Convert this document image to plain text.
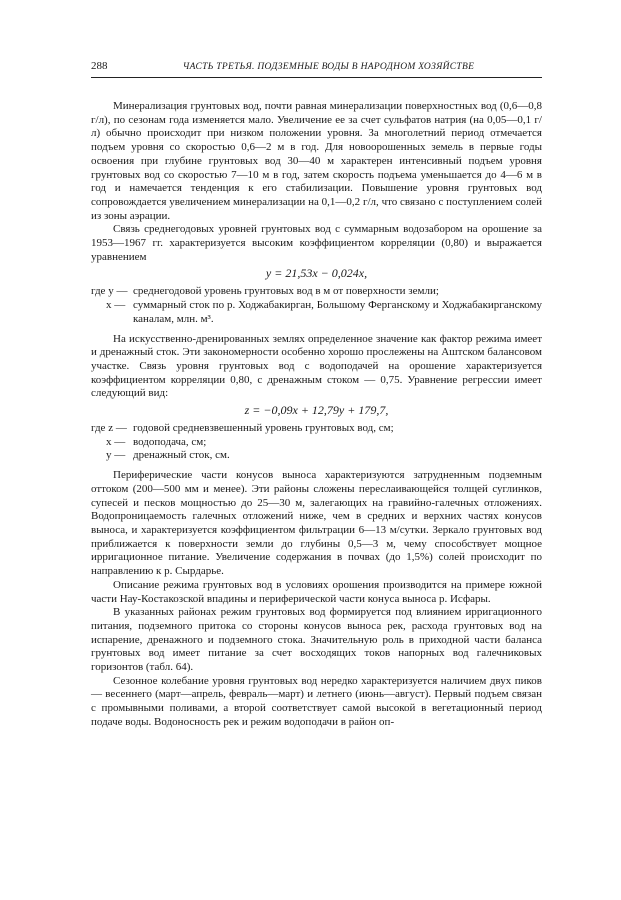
288	ЧАСТЬ ТРЕТЬЯ. ПОДЗЕМНЫЕ ВОДЫ В НАРОДНОМ ХОЗЯЙСТВЕ

Минерализация грунтовых вод, почти равная минерализации поверхностных вод (0,6—0,8 г/л), по сезонам года изменяется мало. Увеличение ее за счет сульфатов натрия (на 0,05—0,1 г/л) обычно происходит при низком положении уровня. За многолетний период отмечается подъем уровня со скоростью 0,6—2 м в год. Для новоорошенных земель в первые годы освоения при глубине грунтовых вод 30—40 м характерен интенсивный подъем уровня грунтовых вод со скоростью 7—10 м в год, затем скорость подъема уменьшается до 4—6 м в год и намечается тенденция к его стабилизации. Повышение уровня грунтовых вод сопровождается увеличением минерализации на 0,1—0,2 г/л, что связано с поступлением солей из зоны аэрации.

Связь среднегодовых уровней грунтовых вод с суммарным водозабором на орошение за 1953—1967 гг. характеризуется высоким коэффициентом корреляции (0,80) и выражается уравнением

y = 21,53x − 0,024x,
где y — среднегодовой уровень грунтовых вод в м от поверхности земли;
x — суммарный сток по р. Ходжабакирган, Большому Ферганскому и Ходжабакирганскому каналам, млн. м³.

На искусственно-дренированных землях определенное значение как фактор режима имеет и дренажный сток. Эти закономерности особенно хорошо прослежены на Аштском балансовом участке. Связь уровня грунтовых вод с водоподачей на орошение характеризуется коэффициентом корреляции 0,80, с дренажным стоком — 0,75. Уравнение регрессии имеет следующий вид:

z = −0,09x + 12,79y + 179,7,
где z — годовой средневзвешенный уровень грунтовых вод, см;
x — водоподача, см;
y — дренажный сток, см.

Периферические части конусов выноса характеризуются затрудненным подземным оттоком (200—500 мм и менее). Эти районы сложены переслаивающейся толщей суглинков, супесей и песков мощностью до 25—30 м, залегающих на гравийно-галечных отложениях. Водопроницаемость галечных отложений ниже, чем в средних и верхних частях конусов выноса, и характеризуется коэффициентом фильтрации 6—13 м/сутки. Зеркало грунтовых вод приближается к поверхности земли до глубины 0,5—3 м, чему способствует мощное ирригационное питание. Увеличение содержания в почвах (до 1,5%) солей происходит по направлению к р. Сырдарье.

Описание режима грунтовых вод в условиях орошения производится на примере южной части Нау-Костакозской впадины и периферической части конуса выноса р. Исфары.

В указанных районах режим грунтовых вод формируется под влиянием ирригационного питания, подземного притока со стороны конусов выноса рек, расхода грунтовых вод на испарение, дренажного и подземного стока. Значительную роль в приходной части баланса грунтовых вод имеет питание за счет восходящих токов напорных вод галечниковых горизонтов (табл. 64).

Сезонное колебание уровня грунтовых вод нередко характеризуется наличием двух пиков — весеннего (март—апрель, февраль—март) и летнего (июнь—август). Первый подъем связан с промывными поливами, а второй соответствует самой высокой в вегетационный период подаче воды. Водоносность рек и режим водоподачи в район оп-
